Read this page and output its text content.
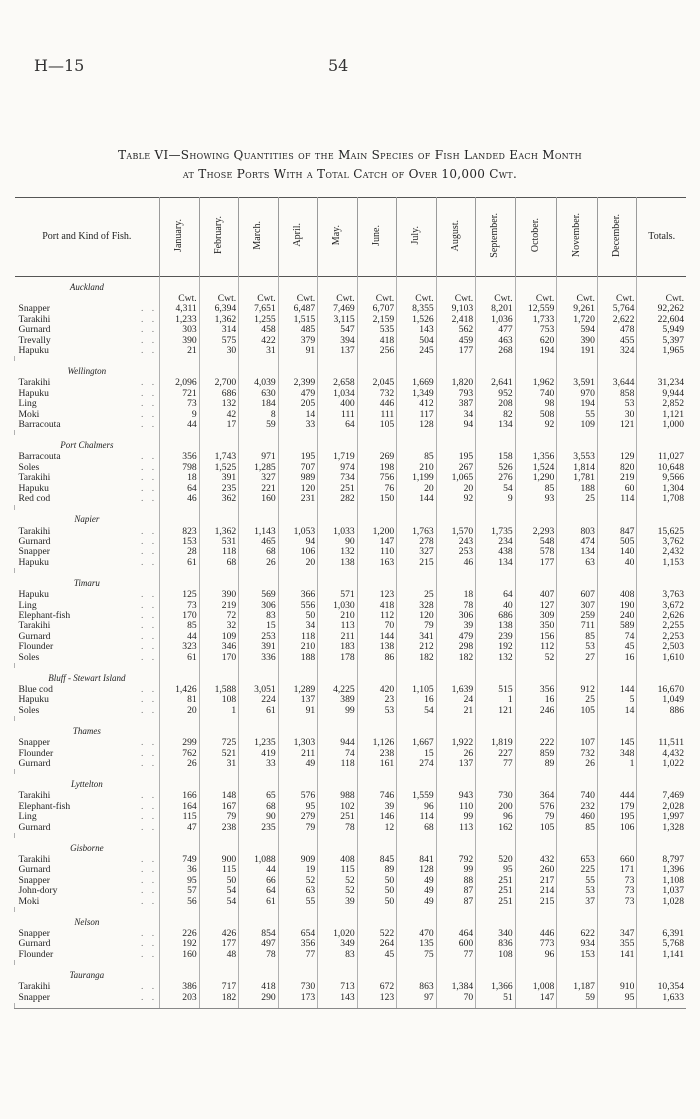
H—15	54
Table VI—Showing Quantities of the Main Species of Fish Landed Each Month
at Those Ports With a Total Catch of Over 10,000 Cwt.
Port and Kind of Fish.	January.	February.	March.	April.	May.	June.	July.	August.	September.	October.	November.	December.	Totals.
Auckland													
	Cwt.	Cwt.	Cwt.	Cwt.	Cwt.	Cwt.	Cwt.	Cwt.	Cwt.	Cwt.	Cwt.	Cwt.	Cwt.
Snapper . .	4,311	6,394	7,651	6,487	7,469	6,707	8,355	9,103	8,201	12,559	9,261	5,764	92,262
Tarakihi . .	1,233	1,362	1,255	1,515	3,115	2,159	1,526	2,418	1,036	1,733	1,720	2,622	22,604
Gurnard . .	303	314	458	485	547	535	143	562	477	753	594	478	5,949
Trevally . .	390	575	422	379	394	418	504	459	463	620	390	455	5,397
Hapuku . .	21	30	31	91	137	256	245	177	268	194	191	324	1,965

Wellington													
Tarakihi . .	2,096	2,700	4,039	2,399	2,658	2,045	1,669	1,820	2,641	1,962	3,591	3,644	31,234
Hapuku . .	721	686	630	479	1,034	732	1,349	793	952	740	970	858	9,944
Ling . .	73	132	184	205	400	446	412	387	208	98	194	53	2,852
Moki . .	9	42	8	14	111	111	117	34	82	508	55	30	1,121
Barracouta . .	44	17	59	33	64	105	128	94	134	92	109	121	1,000

Port Chalmers													
Barracouta . .	356	1,743	971	195	1,719	269	85	195	158	1,356	3,553	129	11,027
Soles . .	798	1,525	1,285	707	974	198	210	267	526	1,524	1,814	820	10,648
Tarakihi . .	18	391	327	989	734	756	1,199	1,065	276	1,290	1,781	219	9,566
Hapuku . .	64	235	221	120	251	76	20	20	54	85	188	60	1,304
Red cod . .	46	362	160	231	282	150	144	92	9	93	25	114	1,708

Napier													
Tarakihi . .	823	1,362	1,143	1,053	1,033	1,200	1,763	1,570	1,735	2,293	803	847	15,625
Gurnard . .	153	531	465	94	90	147	278	243	234	548	474	505	3,762
Snapper . .	28	118	68	106	132	110	327	253	438	578	134	140	2,432
Hapuku . .	61	68	26	20	138	163	215	46	134	177	63	40	1,153

Timaru													
Hapuku . .	125	390	569	366	571	123	25	18	64	407	607	408	3,763
Ling . .	73	219	306	556	1,030	418	328	78	40	127	307	190	3,672
Elephant-fish . .	170	72	83	50	210	112	120	306	686	309	259	240	2,626
Tarakihi . .	85	32	15	34	113	70	79	39	138	350	711	589	2,255
Gurnard . .	44	109	253	118	211	144	341	479	239	156	85	74	2,253
Flounder . .	323	346	391	210	183	138	212	298	192	112	53	45	2,503
Soles . .	61	170	336	188	178	86	182	182	132	52	27	16	1,610

Bluff - Stewart Island													
Blue cod . .	1,426	1,588	3,051	1,289	4,225	420	1,105	1,639	515	356	912	144	16,670
Hapuku . .	81	108	224	137	389	23	16	24	1	16	25	5	1,049
Soles . .	20	1	61	91	99	53	54	21	121	246	105	14	886

Thames													
Snapper . .	299	725	1,235	1,303	944	1,126	1,667	1,922	1,819	222	107	145	11,511
Flounder . .	762	521	419	211	74	238	15	26	227	859	732	348	4,432
Gurnard . .	26	31	33	49	118	161	274	137	77	89	26	1	1,022

Lyttelton													
Tarakihi . .	166	148	65	576	988	746	1,559	943	730	364	740	444	7,469
Elephant-fish . .	164	167	68	95	102	39	96	110	200	576	232	179	2,028
Ling . .	115	79	90	279	251	146	114	99	96	79	460	195	1,997
Gurnard . .	47	238	235	79	78	12	68	113	162	105	85	106	1,328

Gisborne													
Tarakihi . .	749	900	1,088	909	408	845	841	792	520	432	653	660	8,797
Gurnard . .	36	115	44	19	115	89	128	99	95	260	225	171	1,396
Snapper . .	95	50	66	52	52	50	49	88	251	217	55	73	1,108
John-dory . .	57	54	64	63	52	50	49	87	251	214	53	73	1,037
Moki . .	56	54	61	55	39	50	49	87	251	215	37	73	1,028

Nelson													
Snapper . .	226	426	854	654	1,020	522	470	464	340	446	622	347	6,391
Gurnard . .	192	177	497	356	349	264	135	600	836	773	934	355	5,768
Flounder . .	160	48	78	77	83	45	75	77	108	96	153	141	1,141

Tauranga													
Tarakihi . .	386	717	418	730	713	672	863	1,384	1,366	1,008	1,187	910	10,354
Snapper . .	203	182	290	173	143	123	97	70	51	147	59	95	1,633
